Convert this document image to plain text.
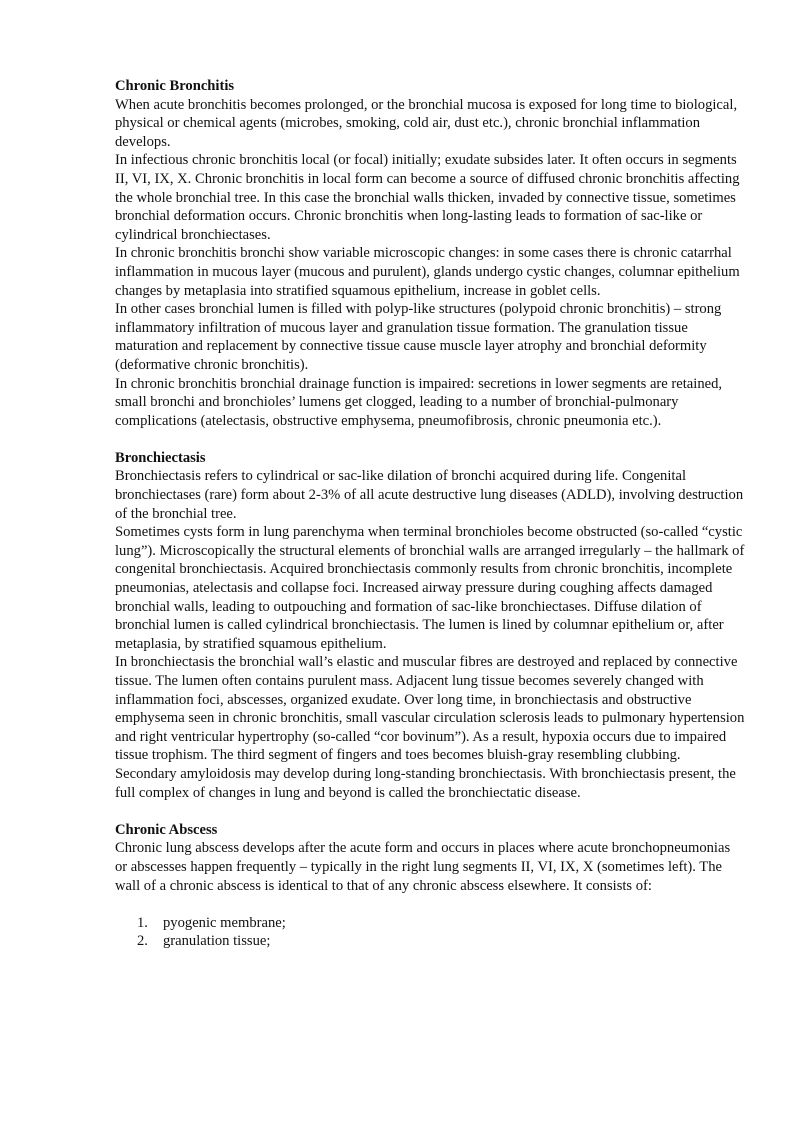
Chronic Bronchitis

When acute bronchitis becomes prolonged, or the bronchial mucosa is exposed for long time to biological, physical or chemical agents (microbes, smoking, cold air, dust etc.), chronic bronchial inflammation develops.

In infectious chronic bronchitis local (or focal) initially; exudate subsides later. It often occurs in segments II, VI, IX, X. Chronic bronchitis in local form can become a source of diffused chronic bronchitis affecting the whole bronchial tree. In this case the bronchial walls thicken, invaded by connective tissue, sometimes bronchial deformation occurs. Chronic bronchitis when long-lasting leads to formation of sac-like or cylindrical bronchiectases.

In chronic bronchitis bronchi show variable microscopic changes: in some cases there is chronic catarrhal inflammation in mucous layer (mucous and purulent), glands undergo cystic changes, columnar epithelium changes by metaplasia into stratified squamous epithelium, increase in goblet cells.

In other cases bronchial lumen is filled with polyp-like structures (polypoid chronic bronchitis) – strong inflammatory infiltration of mucous layer and granulation tissue formation. The granulation tissue maturation and replacement by connective tissue cause muscle layer atrophy and bronchial deformity (deformative chronic bronchitis).

In chronic bronchitis bronchial drainage function is impaired: secretions in lower segments are retained, small bronchi and bronchioles’ lumens get clogged, leading to a number of bronchial-pulmonary complications (atelectasis, obstructive emphysema, pneumofibrosis, chronic pneumonia etc.).

Bronchiectasis

Bronchiectasis refers to cylindrical or sac-like dilation of bronchi acquired during life. Congenital bronchiectases (rare) form about 2-3% of all acute destructive lung diseases (ADLD), involving destruction of the bronchial tree.

Sometimes cysts form in lung parenchyma when terminal bronchioles become obstructed (so-called “cystic lung”). Microscopically the structural elements of bronchial walls are arranged irregularly – the hallmark of congenital bronchiectasis. Acquired bronchiectasis commonly results from chronic bronchitis, incomplete pneumonias, atelectasis and collapse foci. Increased airway pressure during coughing affects damaged bronchial walls, leading to outpouching and formation of sac-like bronchiectases. Diffuse dilation of bronchial lumen is called cylindrical bronchiectasis. The lumen is lined by columnar epithelium or, after metaplasia, by stratified squamous epithelium.

In bronchiectasis the bronchial wall’s elastic and muscular fibres are destroyed and replaced by connective tissue. The lumen often contains purulent mass. Adjacent lung tissue becomes severely changed with inflammation foci, abscesses, organized exudate. Over long time, in bronchiectasis and obstructive emphysema seen in chronic bronchitis, small vascular circulation sclerosis leads to pulmonary hypertension and right ventricular hypertrophy (so-called “cor bovinum”). As a result, hypoxia occurs due to impaired tissue trophism. The third segment of fingers and toes becomes bluish-gray resembling clubbing. Secondary amyloidosis may develop during long-standing bronchiectasis. With bronchiectasis present, the full complex of changes in lung and beyond is called the bronchiectatic disease.

Chronic Abscess

Chronic lung abscess develops after the acute form and occurs in places where acute bronchopneumonias or abscesses happen frequently – typically in the right lung segments II, VI, IX, X (sometimes left). The wall of a chronic abscess is identical to that of any chronic abscess elsewhere. It consists of:

1.	pyogenic membrane;
2.	granulation tissue;
